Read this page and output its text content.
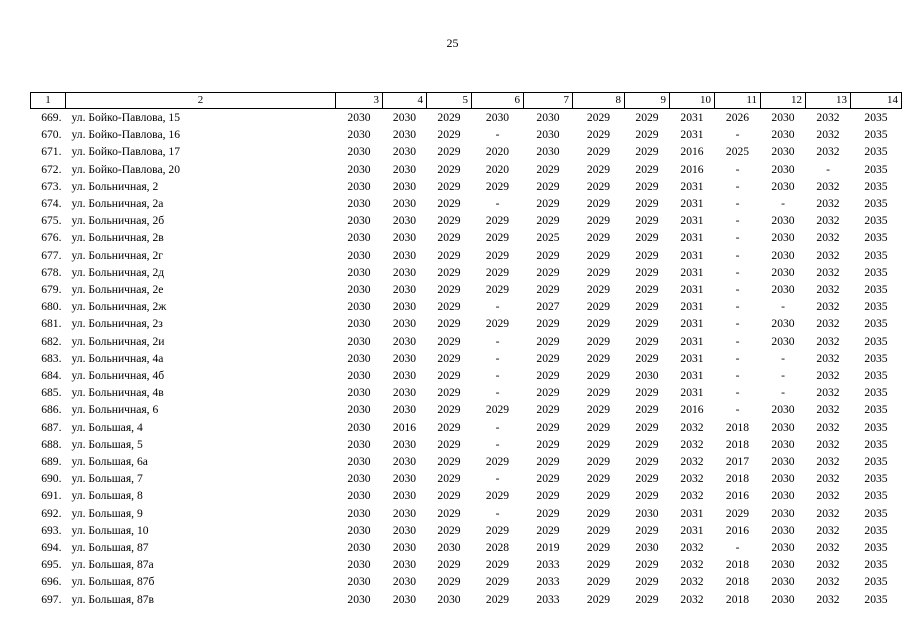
25
1	2	3	4	5	6	7	8	9	10	11	12	13	14
669.	ул. Бойко-Павлова, 15	2030	2030	2029	2030	2030	2029	2029	2031	2026	2030	2032	2035
670.	ул. Бойко-Павлова, 16	2030	2030	2029	-	2030	2029	2029	2031	-	2030	2032	2035
671.	ул. Бойко-Павлова, 17	2030	2030	2029	2020	2030	2029	2029	2016	2025	2030	2032	2035
672.	ул. Бойко-Павлова, 20	2030	2030	2029	2020	2029	2029	2029	2016	-	2030	-	2035
673.	ул. Больничная, 2	2030	2030	2029	2029	2029	2029	2029	2031	-	2030	2032	2035
674.	ул. Больничная, 2а	2030	2030	2029	-	2029	2029	2029	2031	-	-	2032	2035
675.	ул. Больничная, 2б	2030	2030	2029	2029	2029	2029	2029	2031	-	2030	2032	2035
676.	ул. Больничная, 2в	2030	2030	2029	2029	2025	2029	2029	2031	-	2030	2032	2035
677.	ул. Больничная, 2г	2030	2030	2029	2029	2029	2029	2029	2031	-	2030	2032	2035
678.	ул. Больничная, 2д	2030	2030	2029	2029	2029	2029	2029	2031	-	2030	2032	2035
679.	ул. Больничная, 2е	2030	2030	2029	2029	2029	2029	2029	2031	-	2030	2032	2035
680.	ул. Больничная, 2ж	2030	2030	2029	-	2027	2029	2029	2031	-	-	2032	2035
681.	ул. Больничная, 2з	2030	2030	2029	2029	2029	2029	2029	2031	-	2030	2032	2035
682.	ул. Больничная, 2и	2030	2030	2029	-	2029	2029	2029	2031	-	2030	2032	2035
683.	ул. Больничная, 4а	2030	2030	2029	-	2029	2029	2029	2031	-	-	2032	2035
684.	ул. Больничная, 4б	2030	2030	2029	-	2029	2029	2030	2031	-	-	2032	2035
685.	ул. Больничная, 4в	2030	2030	2029	-	2029	2029	2029	2031	-	-	2032	2035
686.	ул. Больничная, 6	2030	2030	2029	2029	2029	2029	2029	2016	-	2030	2032	2035
687.	ул. Большая, 4	2030	2016	2029	-	2029	2029	2029	2032	2018	2030	2032	2035
688.	ул. Большая, 5	2030	2030	2029	-	2029	2029	2029	2032	2018	2030	2032	2035
689.	ул. Большая, 6а	2030	2030	2029	2029	2029	2029	2029	2032	2017	2030	2032	2035
690.	ул. Большая, 7	2030	2030	2029	-	2029	2029	2029	2032	2018	2030	2032	2035
691.	ул. Большая, 8	2030	2030	2029	2029	2029	2029	2029	2032	2016	2030	2032	2035
692.	ул. Большая, 9	2030	2030	2029	-	2029	2029	2030	2031	2029	2030	2032	2035
693.	ул. Большая, 10	2030	2030	2029	2029	2029	2029	2029	2031	2016	2030	2032	2035
694.	ул. Большая, 87	2030	2030	2030	2028	2019	2029	2030	2032	-	2030	2032	2035
695.	ул. Большая, 87а	2030	2030	2029	2029	2033	2029	2029	2032	2018	2030	2032	2035
696.	ул. Большая, 87б	2030	2030	2029	2029	2033	2029	2029	2032	2018	2030	2032	2035
697.	ул. Большая, 87в	2030	2030	2030	2029	2033	2029	2029	2032	2018	2030	2032	2035
